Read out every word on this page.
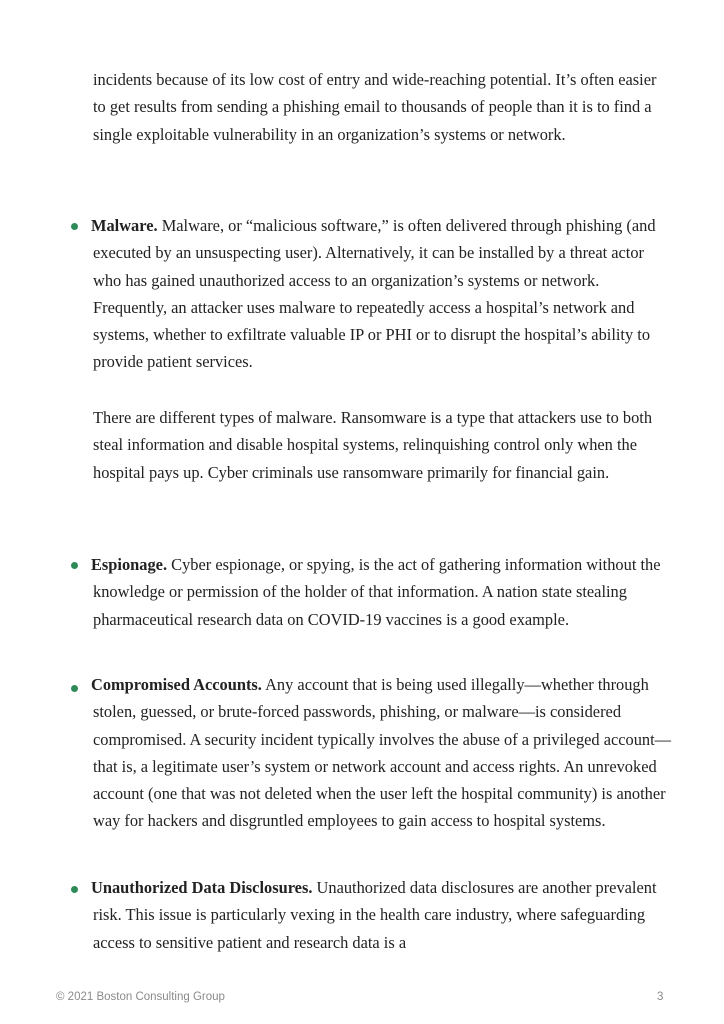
incidents because of its low cost of entry and wide-reaching potential. It’s often easier to get results from sending a phishing email to thousands of people than it is to find a single exploitable vulnerability in an organization’s systems or network.

Malware. Malware, or “malicious software,” is often delivered through phishing (and executed by an unsuspecting user). Alternatively, it can be installed by a threat actor who has gained unauthorized access to an organization’s systems or network. Frequently, an attacker uses malware to repeatedly access a hospital’s network and systems, whether to exfiltrate valuable IP or PHI or to disrupt the hospital’s ability to provide patient services.

There are different types of malware. Ransomware is a type that attackers use to both steal information and disable hospital systems, relinquishing control only when the hospital pays up. Cyber criminals use ransomware primarily for financial gain.

Espionage. Cyber espionage, or spying, is the act of gathering information without the knowledge or permission of the holder of that information. A nation state stealing pharmaceutical research data on COVID-19 vaccines is a good example.

Compromised Accounts. Any account that is being used illegally—whether through stolen, guessed, or brute-forced passwords, phishing, or malware—is considered compromised. A security incident typically involves the abuse of a privileged account—that is, a legitimate user’s system or network account and access rights. An unrevoked account (one that was not deleted when the user left the hospital community) is another way for hackers and disgruntled employees to gain access to hospital systems.

Unauthorized Data Disclosures. Unauthorized data disclosures are another prevalent risk. This issue is particularly vexing in the health care industry, where safeguarding access to sensitive patient and research data is a

© 2021 Boston Consulting Group	3
